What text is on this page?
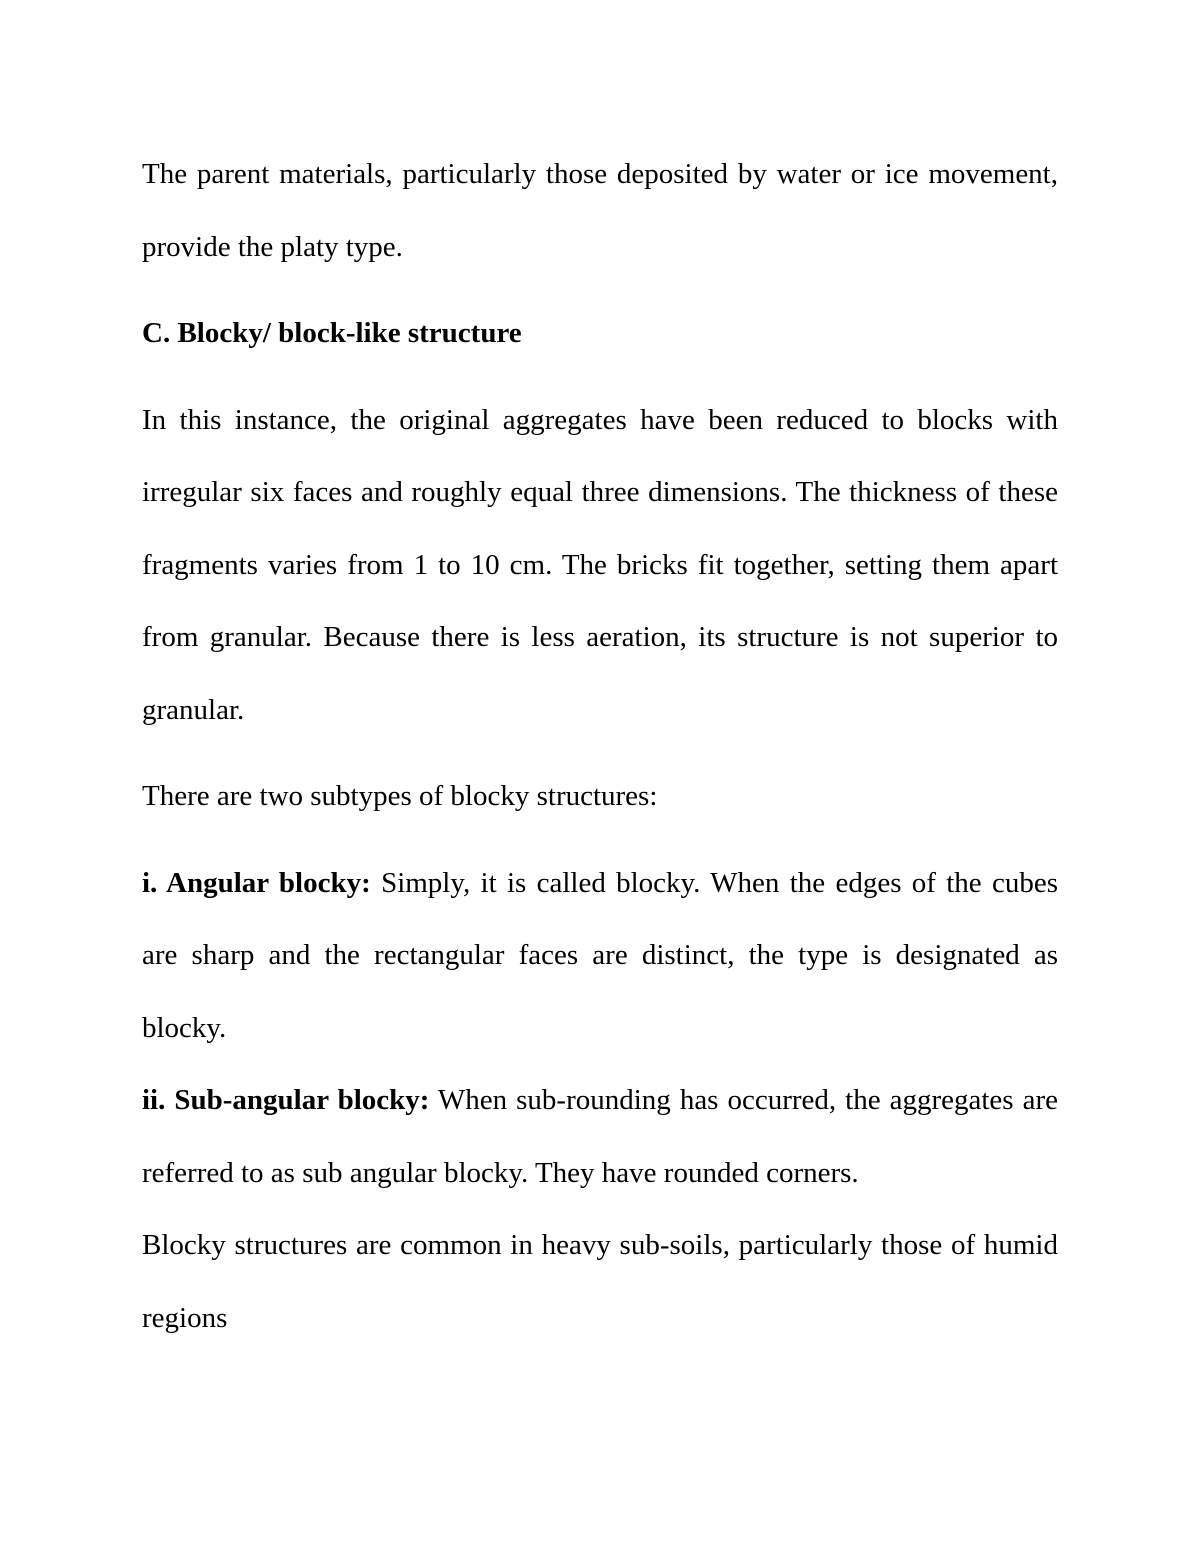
The parent materials, particularly those deposited by water or ice movement, provide the platy type.

C. Blocky/ block-like structure

In this instance, the original aggregates have been reduced to blocks with irregular six faces and roughly equal three dimensions. The thickness of these fragments varies from 1 to 10 cm. The bricks fit together, setting them apart from granular. Because there is less aeration, its structure is not superior to granular.

There are two subtypes of blocky structures:

i. Angular blocky: Simply, it is called blocky. When the edges of the cubes are sharp and the rectangular faces are distinct, the type is designated as blocky.

ii. Sub-angular blocky: When sub-rounding has occurred, the aggregates are referred to as sub angular blocky. They have rounded corners.

Blocky structures are common in heavy sub-soils, particularly those of humid regions
